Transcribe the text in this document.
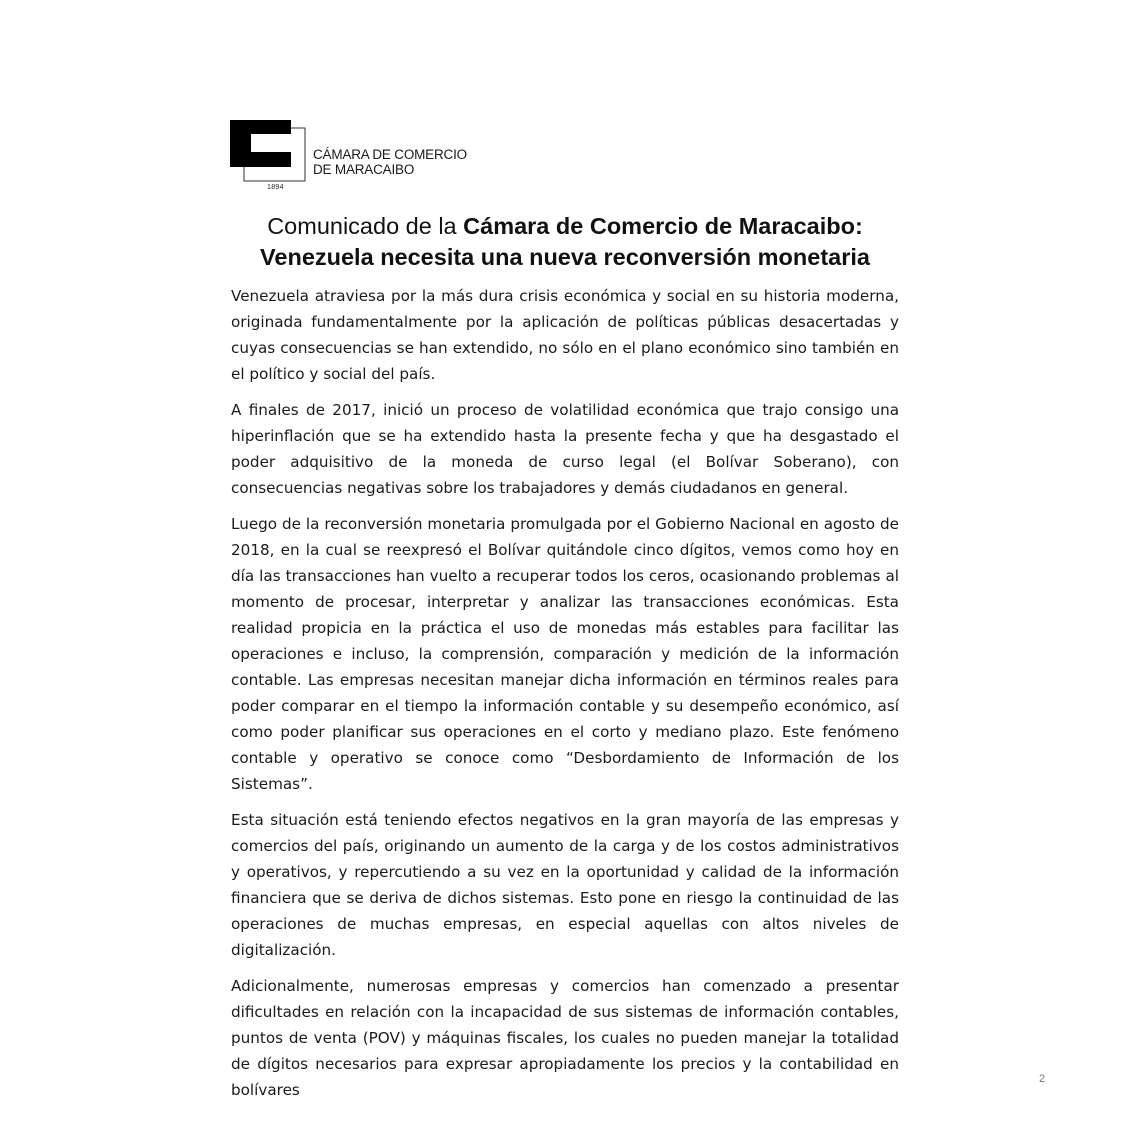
1894
CÁMARA DE COMERCIO
DE MARACAIBO
Comunicado de la Cámara de Comercio de Maracaibo:
Venezuela necesita una nueva reconversión monetaria

Venezuela atraviesa por la más dura crisis económica y social en su historia moderna, originada fundamentalmente por la aplicación de políticas públicas desacertadas y cuyas consecuencias se han extendido, no sólo en el plano económico sino también en el político y social del país.

A finales de 2017, inició un proceso de volatilidad económica que trajo consigo una hiperinflación que se ha extendido hasta la presente fecha y que ha desgastado el poder adquisitivo de la moneda de curso legal (el Bolívar Soberano), con consecuencias negativas sobre los trabajadores y demás ciudadanos en general.

Luego de la reconversión monetaria promulgada por el Gobierno Nacional en agosto de 2018, en la cual se reexpresó el Bolívar quitándole cinco dígitos, vemos como hoy en día las transacciones han vuelto a recuperar todos los ceros, ocasionando problemas al momento de procesar, interpretar y analizar las transacciones económicas. Esta realidad propicia en la práctica el uso de monedas más estables para facilitar las operaciones e incluso, la comprensión, comparación y medición de la información contable. Las empresas necesitan manejar dicha información en términos reales para poder comparar en el tiempo la información contable y su desempeño económico, así como poder planificar sus operaciones en el corto y mediano plazo. Este fenómeno contable y operativo se conoce como “Desbordamiento de Información de los Sistemas”.

Esta situación está teniendo efectos negativos en la gran mayoría de las empresas y comercios del país, originando un aumento de la carga y de los costos administrativos y operativos, y repercutiendo a su vez en la oportunidad y calidad de la información financiera que se deriva de dichos sistemas. Esto pone en riesgo la continuidad de las operaciones de muchas empresas, en especial aquellas con altos niveles de digitalización.

Adicionalmente, numerosas empresas y comercios han comenzado a presentar dificultades en relación con la incapacidad de sus sistemas de información contables, puntos de venta (POV) y máquinas fiscales, los cuales no pueden manejar la totalidad de dígitos necesarios para expresar apropiadamente los precios y la contabilidad en bolívares

2
